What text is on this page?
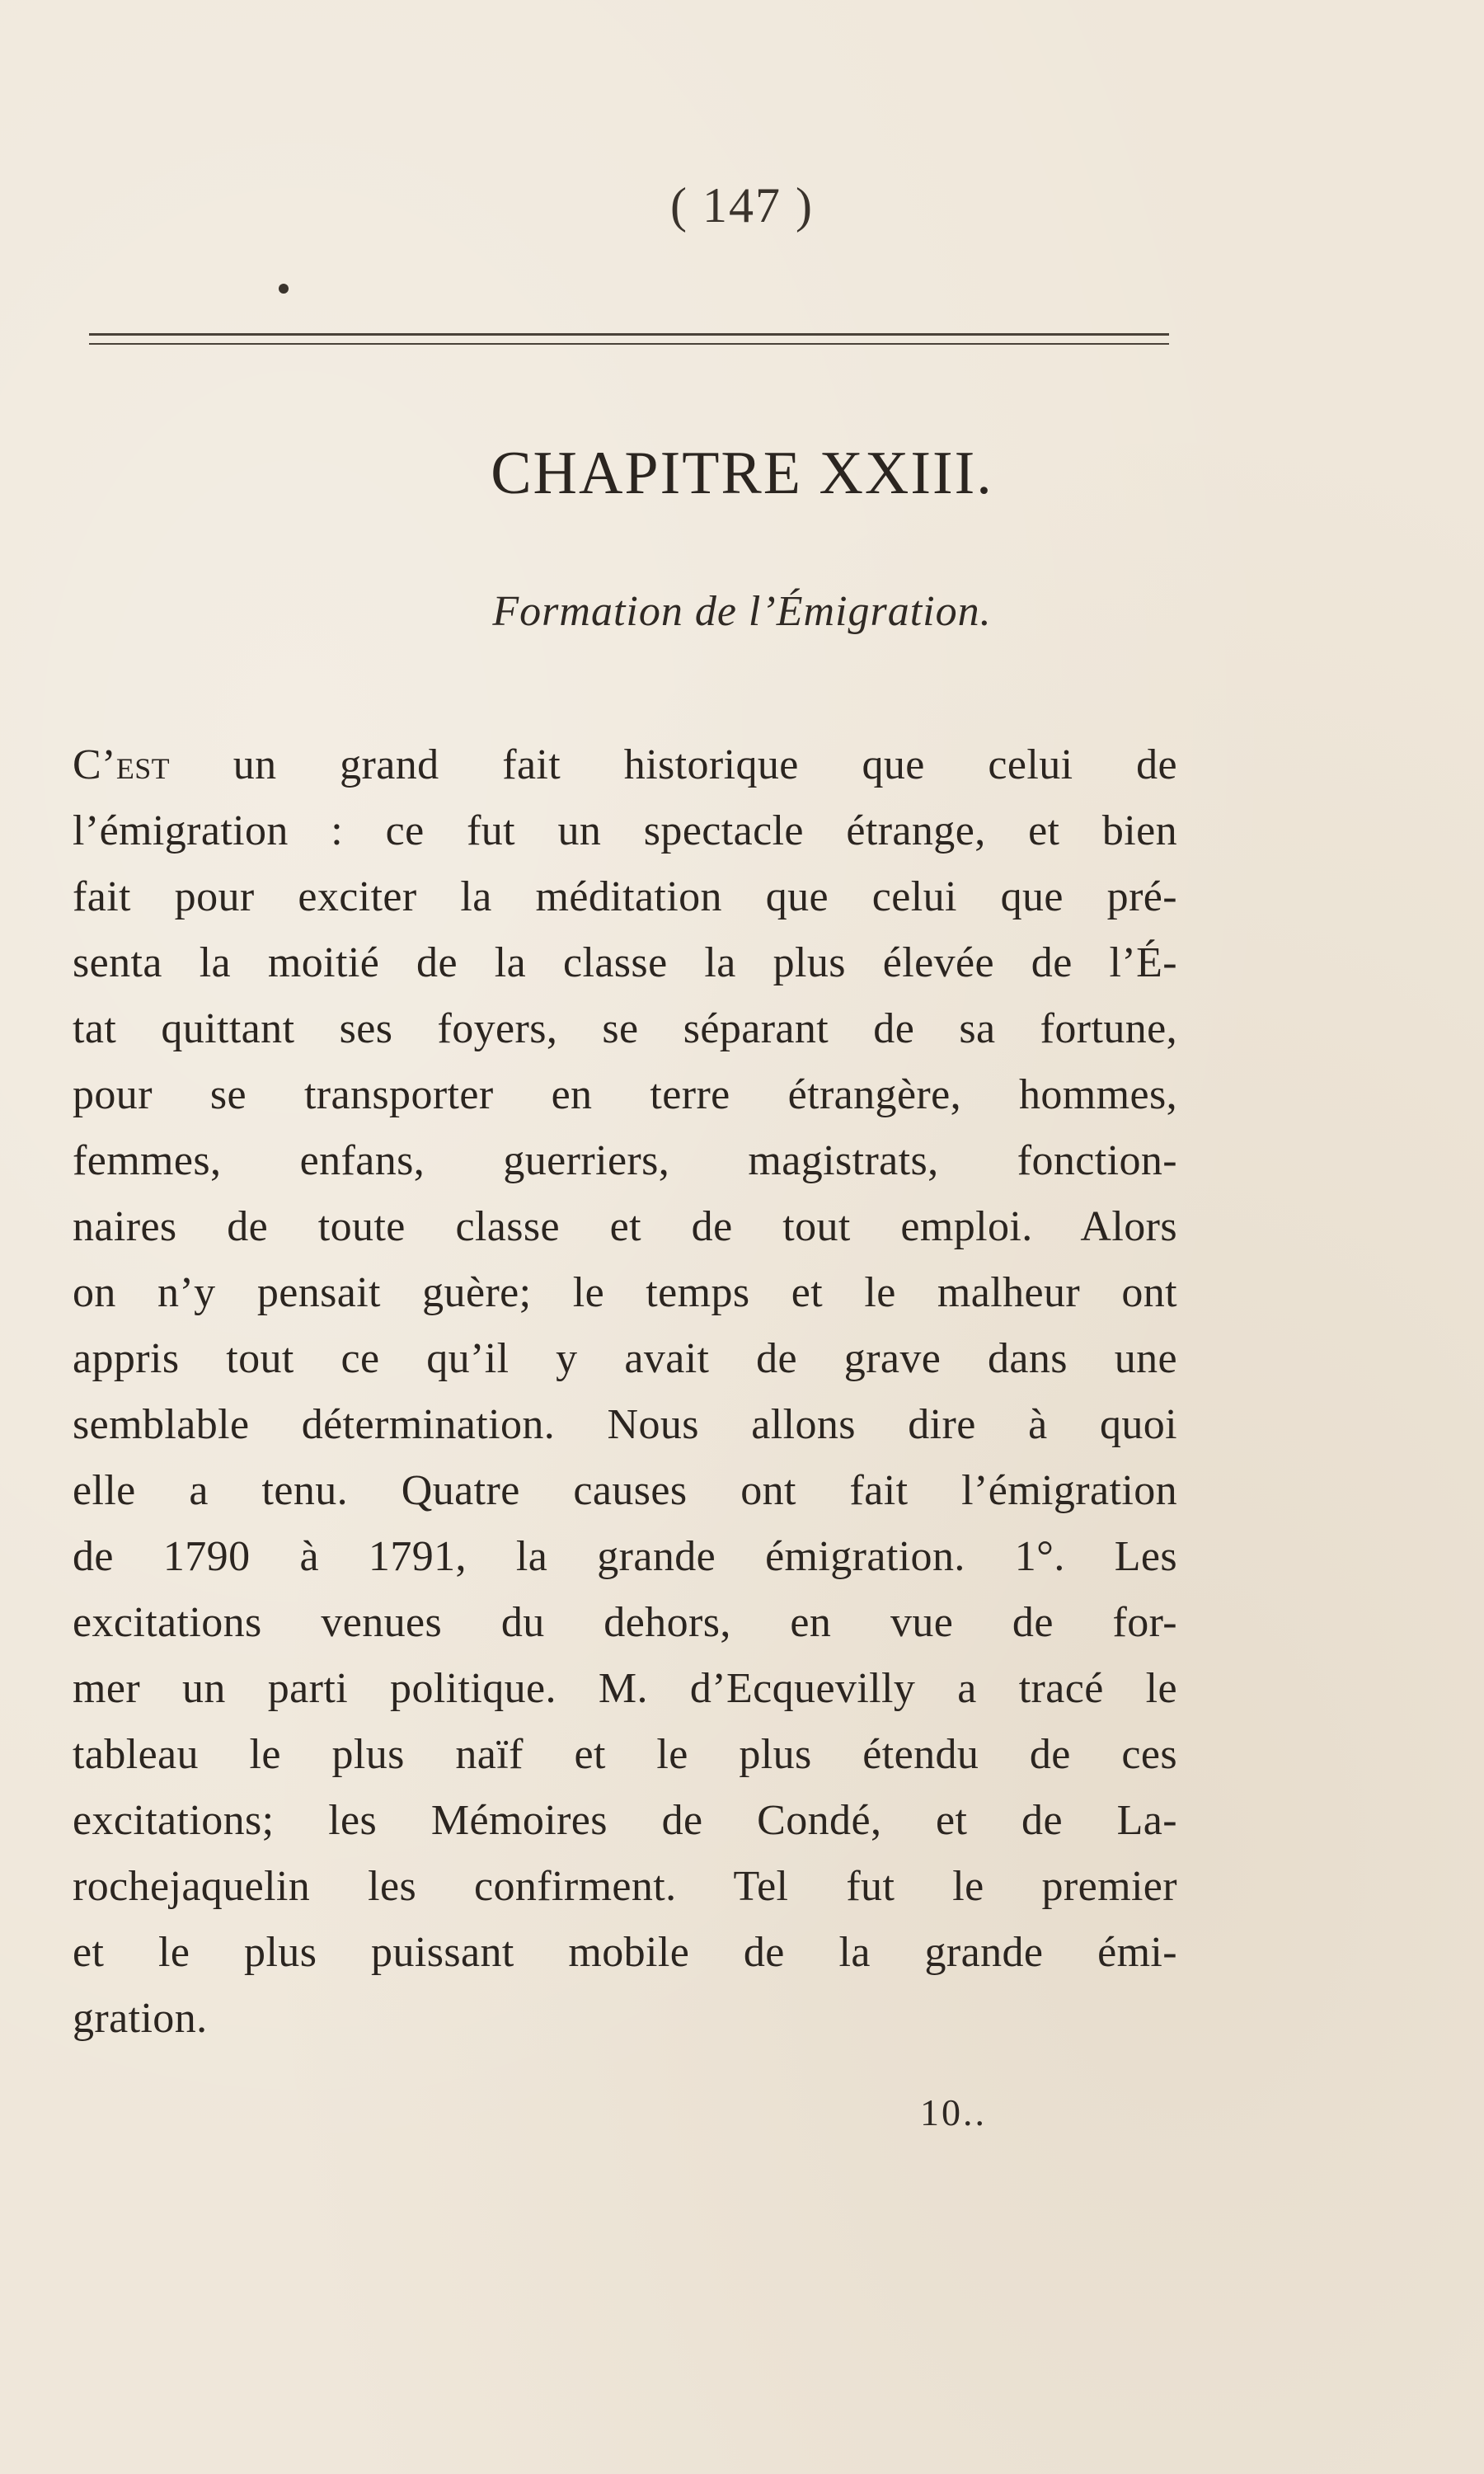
( 147 )
CHAPITRE XXIII.
Formation de l’Émigration.
C’est un grand fait historique que celui de
l’émigration : ce fut un spectacle étrange, et bien
fait pour exciter la méditation que celui que pré-
senta la moitié de la classe la plus élevée de l’É-
tat quittant ses foyers, se séparant de sa fortune,
pour se transporter en terre étrangère, hommes,
femmes, enfans, guerriers, magistrats, fonction-
naires de toute classe et de tout emploi. Alors
on n’y pensait guère; le temps et le malheur ont
appris tout ce qu’il y avait de grave dans une
semblable détermination. Nous allons dire à quoi
elle a tenu. Quatre causes ont fait l’émigration
de 1790 à 1791, la grande émigration. 1°. Les
excitations venues du dehors, en vue de for-
mer un parti politique. M. d’Ecquevilly a tracé le
tableau le plus naïf et le plus étendu de ces
excitations; les Mémoires de Condé, et de La-
rochejaquelin les confirment. Tel fut le premier
et le plus puissant mobile de la grande émi-
gration.
10..
